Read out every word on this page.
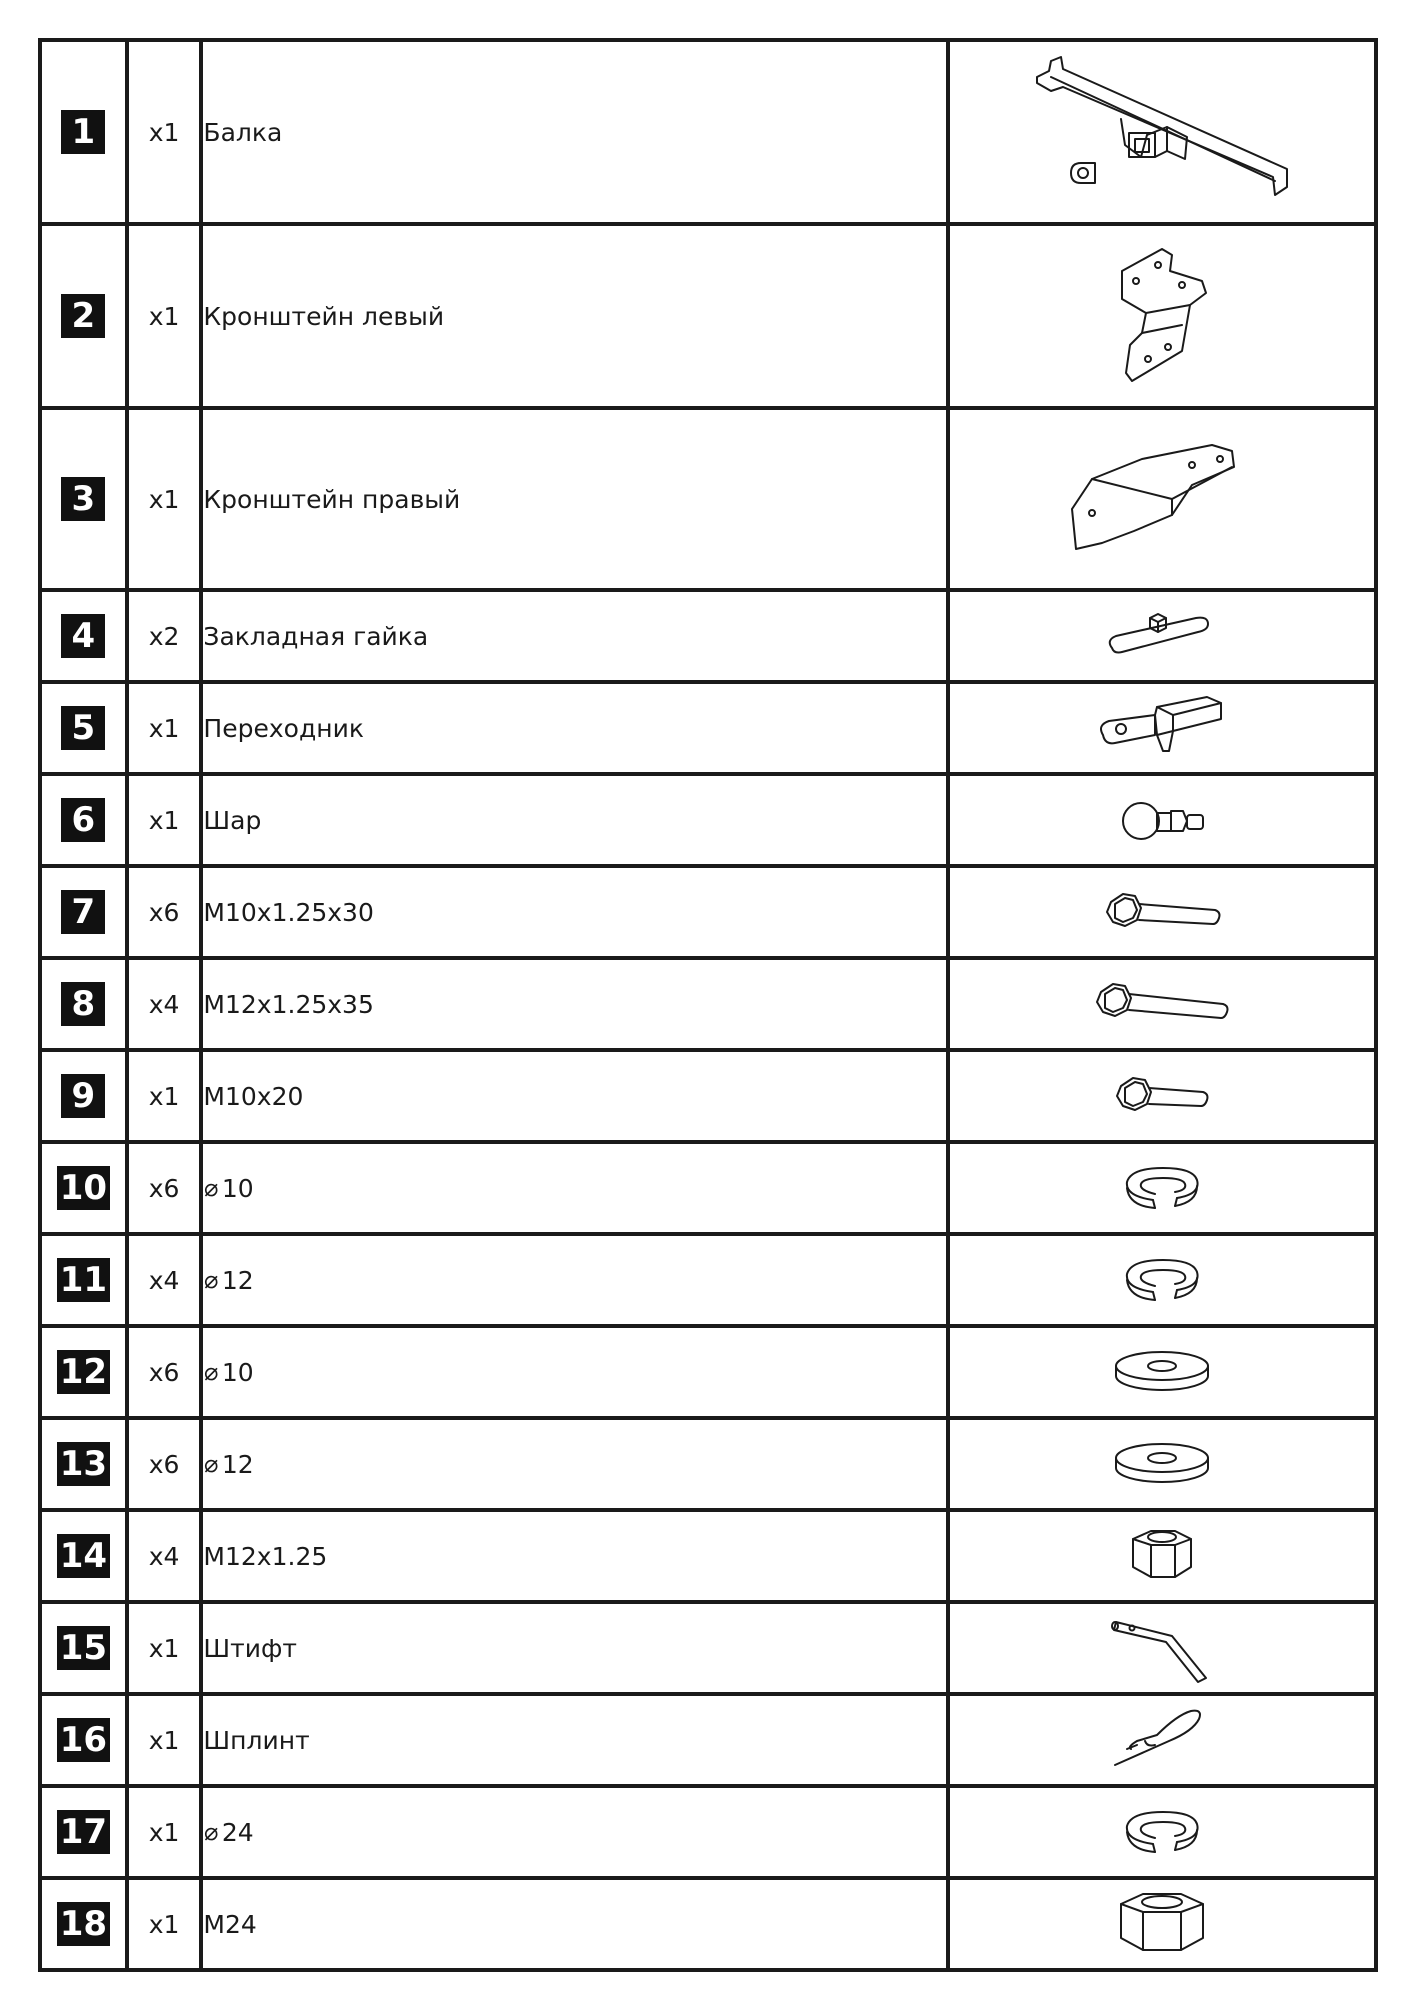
1	x1	Балка

2	x1	Кронштейн левый

3	x1	Кронштейн правый

4	x2	Закладная гайка

5	x1	Переходник

6	x1	Шар

7	x6	M10x1.25x30

8	x4	M12x1.25x35

9	x1	M10x20

10	x6	⌀ 10

11	x4	⌀ 12

12	x6	⌀ 10

13	x6	⌀ 12

14	x4	M12x1.25

15	x1	Штифт

16	x1	Шплинт

17	x1	⌀ 24

18	x1	M24
